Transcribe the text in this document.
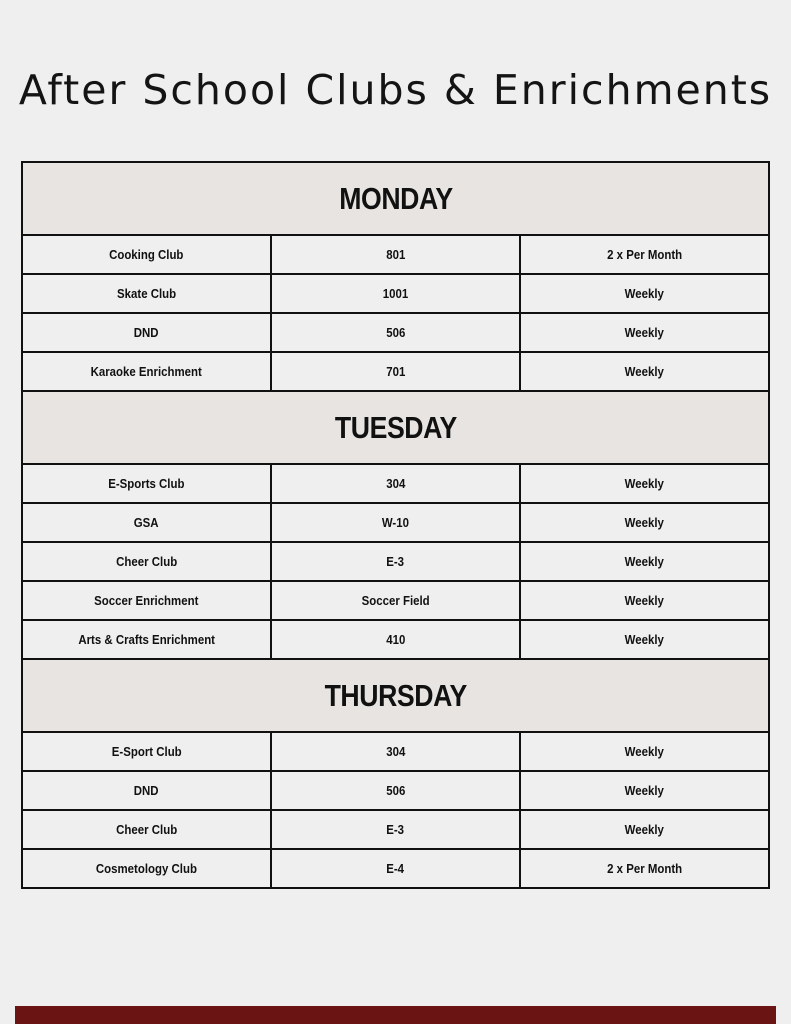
After School Clubs & Enrichments
MONDAY		
Cooking Club	801	2 x Per Month
Skate Club	1001	Weekly
DND	506	Weekly
Karaoke Enrichment	701	Weekly
TUESDAY		
E-Sports Club	304	Weekly
GSA	W-10	Weekly
Cheer Club	E-3	Weekly
Soccer Enrichment	Soccer Field	Weekly
Arts & Crafts Enrichment	410	Weekly
THURSDAY		
E-Sport Club	304	Weekly
DND	506	Weekly
Cheer Club	E-3	Weekly
Cosmetology Club	E-4	2 x Per Month
